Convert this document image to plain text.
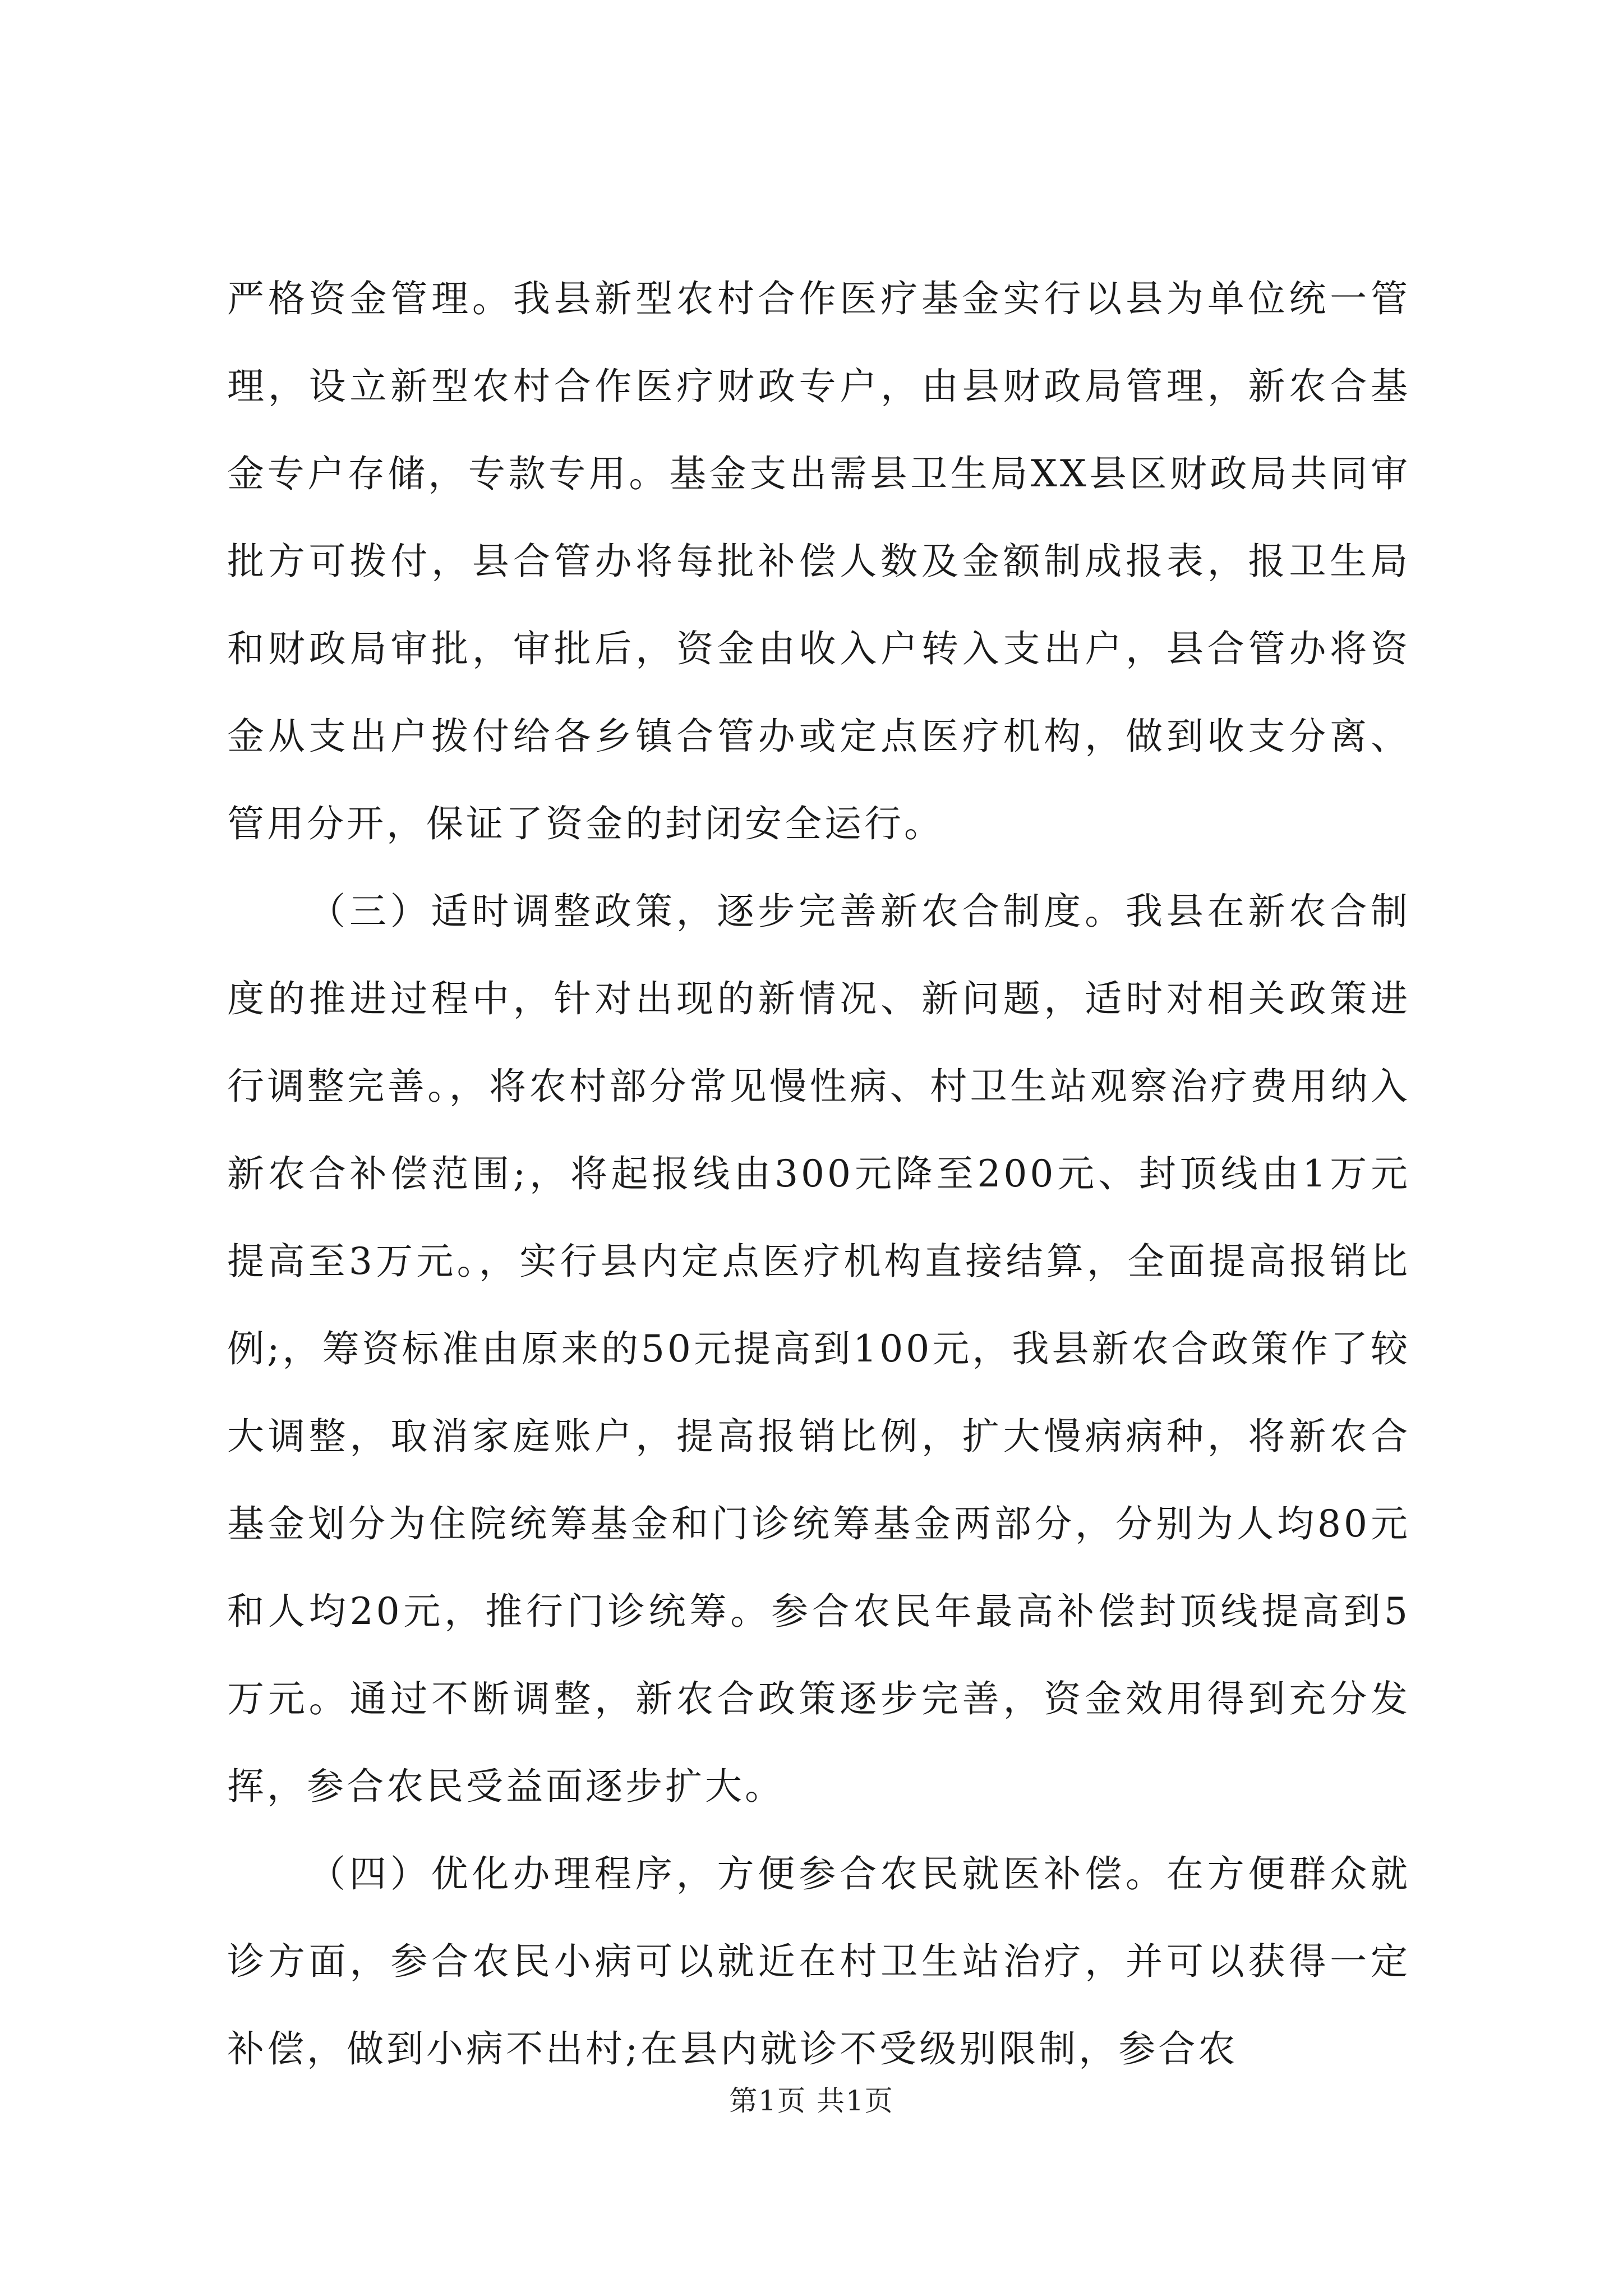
严格资金管理。我县新型农村合作医疗基金实行以县为单位统一管理，设立新型农村合作医疗财政专户，由县财政局管理，新农合基金专户存储，专款专用。基金支出需县卫生局XX县区财政局共同审批方可拨付，县合管办将每批补偿人数及金额制成报表，报卫生局和财政局审批，审批后，资金由收入户转入支出户，县合管办将资金从支出户拨付给各乡镇合管办或定点医疗机构，做到收支分离、管用分开，保证了资金的封闭安全运行。

（三）适时调整政策，逐步完善新农合制度。我县在新农合制度的推进过程中，针对出现的新情况、新问题，适时对相关政策进行调整完善。，将农村部分常见慢性病、村卫生站观察治疗费用纳入新农合补偿范围;，将起报线由300元降至200元、封顶线由1万元提高至3万元。，实行县内定点医疗机构直接结算，全面提高报销比例;，筹资标准由原来的50元提高到100元，我县新农合政策作了较大调整，取消家庭账户，提高报销比例，扩大慢病病种，将新农合基金划分为住院统筹基金和门诊统筹基金两部分，分别为人均80元和人均20元，推行门诊统筹。参合农民年最高补偿封顶线提高到5万元。通过不断调整，新农合政策逐步完善，资金效用得到充分发挥，参合农民受益面逐步扩大。

（四）优化办理程序，方便参合农民就医补偿。在方便群众就诊方面，参合农民小病可以就近在村卫生站治疗，并可以获得一定补偿，做到小病不出村;在县内就诊不受级别限制，参合农

第1页 共1页
